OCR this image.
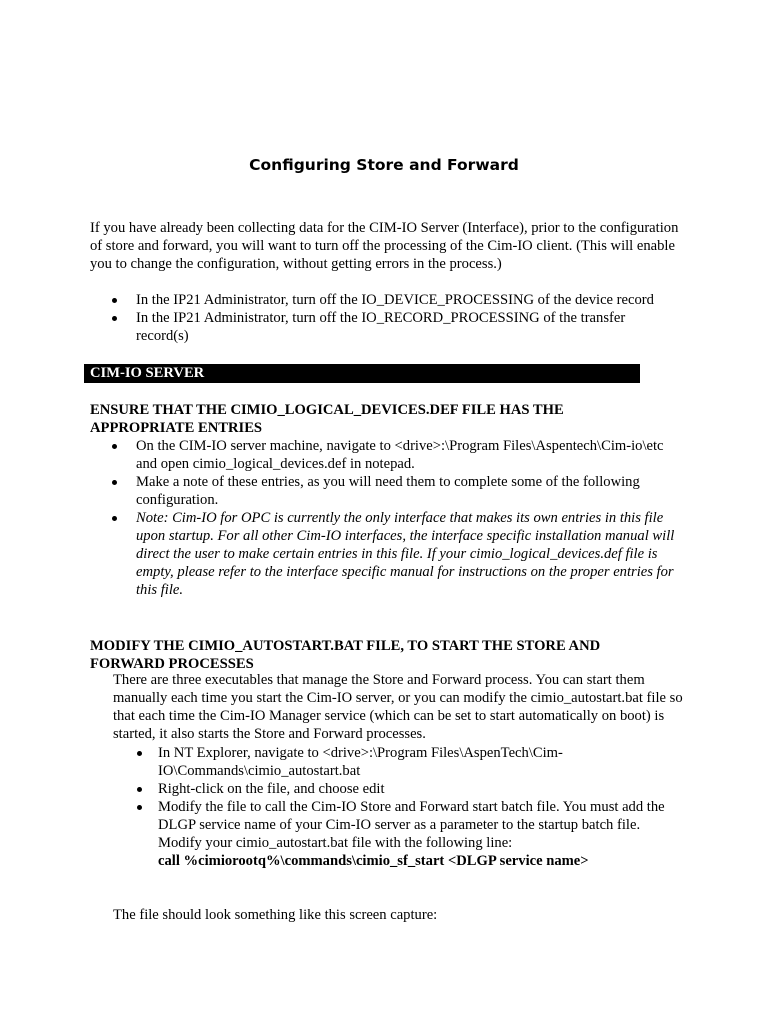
Configuring Store and Forward

If you have already been collecting data for the CIM-IO Server (Interface), prior to the configuration of store and forward, you will want to turn off the processing of the Cim-IO client. (This will enable you to change the configuration, without getting errors in the process.)

In the IP21 Administrator, turn off the IO_DEVICE_PROCESSING of the device record
In the IP21 Administrator, turn off the IO_RECORD_PROCESSING of the transfer record(s)
CIM-IO SERVER
ENSURE THAT THE CIMIO_LOGICAL_DEVICES.DEF FILE HAS THE APPROPRIATE ENTRIES
On the CIM-IO server machine, navigate to <drive>:\Program Files\Aspentech\Cim-io\etc and open cimio_logical_devices.def in notepad.
Make a note of these entries, as you will need them to complete some of the following configuration.
Note: Cim-IO for OPC is currently the only interface that makes its own entries in this file upon startup. For all other Cim-IO interfaces, the interface specific installation manual will direct the user to make certain entries in this file. If your cimio_logical_devices.def file is empty, please refer to the interface specific manual for instructions on the proper entries for this file.
MODIFY THE CIMIO_AUTOSTART.BAT FILE, TO START THE STORE AND FORWARD PROCESSES
There are three executables that manage the Store and Forward process. You can start them manually each time you start the Cim-IO server, or you can modify the cimio_autostart.bat file so that each time the Cim-IO Manager service (which can be set to start automatically on boot) is started, it also starts the Store and Forward processes.
In NT Explorer, navigate to <drive>:\Program Files\AspenTech\Cim-IO\Commands\cimio_autostart.bat
Right-click on the file, and choose edit
Modify the file to call the Cim-IO Store and Forward start batch file. You must add the DLGP service name of your Cim-IO server as a parameter to the startup batch file.
Modify your cimio_autostart.bat file with the following line:
call %cimiorootq%\commands\cimio_sf_start <DLGP service name>
The file should look something like this screen capture:
